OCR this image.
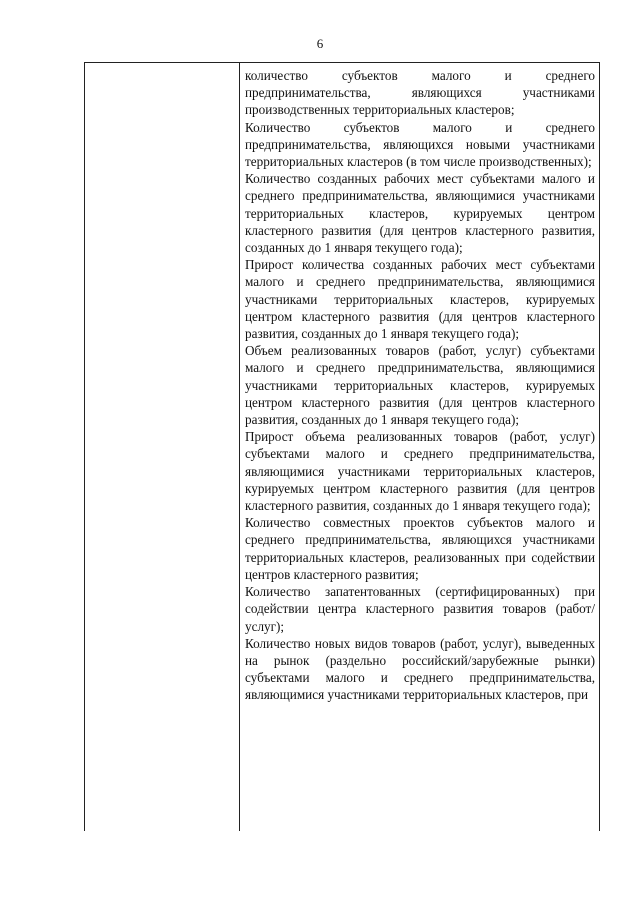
6

количество субъектов малого и среднего предпринимательства, являющихся участниками производственных территориальных кластеров;

Количество субъектов малого и среднего предпринимательства, являющихся новыми участниками территориальных кластеров (в том числе производственных);

Количество созданных рабочих мест субъектами малого и среднего предпринимательства, являющимися участниками территориальных кластеров, курируемых центром кластерного развития (для центров кластерного развития, созданных до 1 января текущего года);

Прирост количества созданных рабочих мест субъектами малого и среднего предпринимательства, являющимися участниками территориальных кластеров, курируемых центром кластерного развития (для центров кластерного развития, созданных до 1 января текущего года);

Объем реализованных товаров (работ, услуг) субъектами малого и среднего предпринимательства, являющимися участниками территориальных кластеров, курируемых центром кластерного развития (для центров кластерного развития, созданных до 1 января текущего года);

Прирост объема реализованных товаров (работ, услуг) субъектами малого и среднего предпринимательства, являющимися участниками территориальных кластеров, курируемых центром кластерного развития (для центров кластерного развития, созданных до 1 января текущего года);

Количество совместных проектов субъектов малого и среднего предпринимательства, являющихся участниками территориальных кластеров, реализованных при содействии центров кластерного развития;

Количество запатентованных (сертифицированных) при содействии центра кластерного развития товаров (работ/услуг);

Количество новых видов товаров (работ, услуг), выведенных на рынок (раздельно российский/зарубежные рынки) субъектами малого и среднего предпринимательства, являющимися участниками территориальных кластеров, при
